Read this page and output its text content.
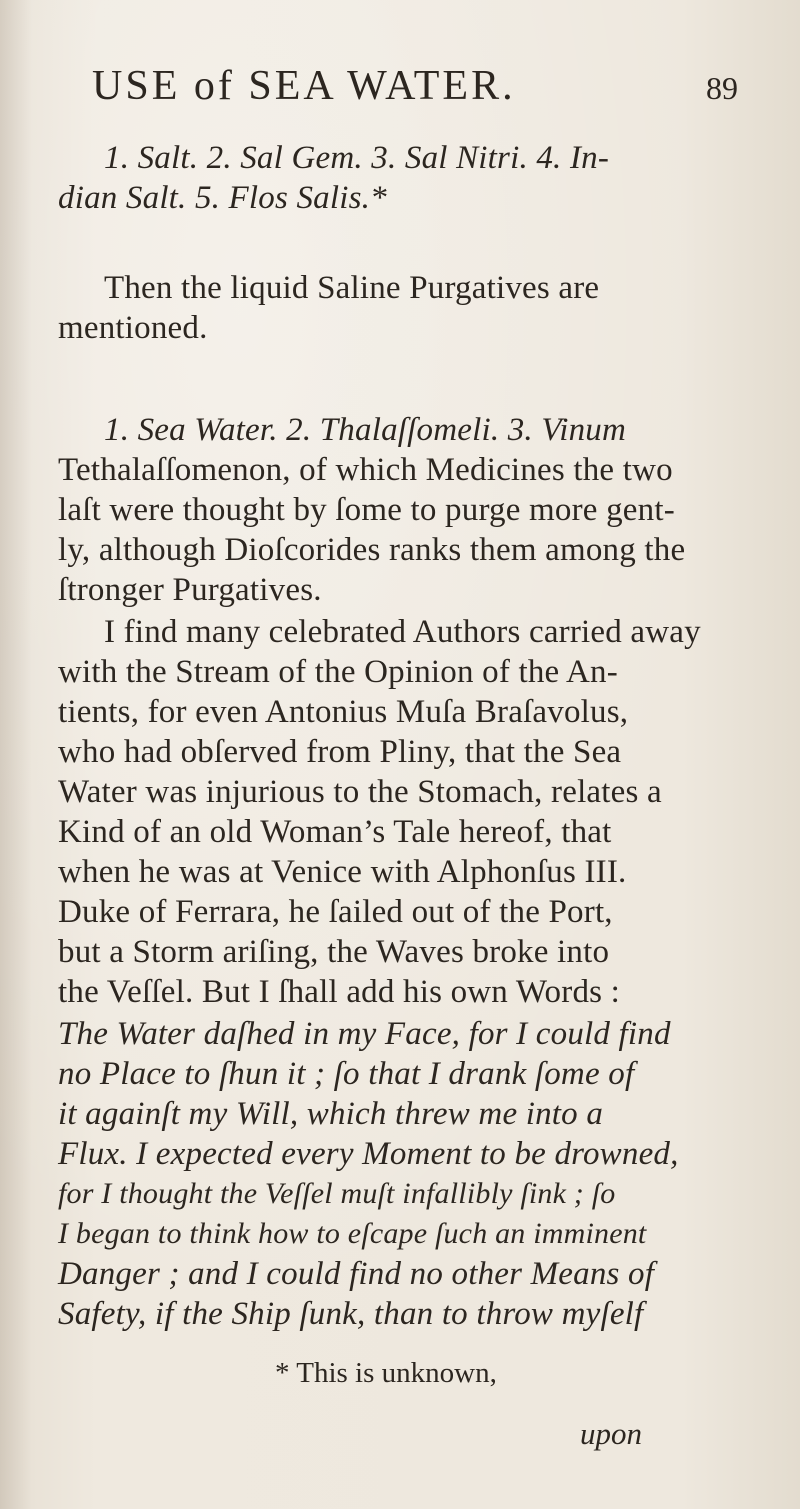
USE of SEA WATER.	89
1. Salt. 2. Sal Gem. 3. Sal Nitri. 4. In-
dian Salt. 5. Flos Salis.*
Then the liquid Saline Purgatives are
mentioned.
1. Sea Water. 2. Thalaſſomeli. 3. Vinum
Tethalaſſomenon, of which Medicines the two
laſt were thought by ſome to purge more gent-
ly, although Dioſcorides ranks them among the
ſtronger Purgatives.
I find many celebrated Authors carried away
with the Stream of the Opinion of the An-
tients, for even Antonius Muſa Braſavolus,
who had obſerved from Pliny, that the Sea
Water was injurious to the Stomach, relates a
Kind of an old Woman’s Tale hereof, that
when he was at Venice with Alphonſus III.
Duke of Ferrara, he ſailed out of the Port,
but a Storm ariſing, the Waves broke into
the Veſſel. But I ſhall add his own Words :
The Water daſhed in my Face, for I could find
no Place to ſhun it ; ſo that I drank ſome of
it againſt my Will, which threw me into a
Flux. I expected every Moment to be drowned,
for I thought the Veſſel muſt infallibly ſink ; ſo
I began to think how to eſcape ſuch an imminent
Danger ; and I could find no other Means of
Safety, if the Ship ſunk, than to throw myſelf
* This is unknown,
upon
